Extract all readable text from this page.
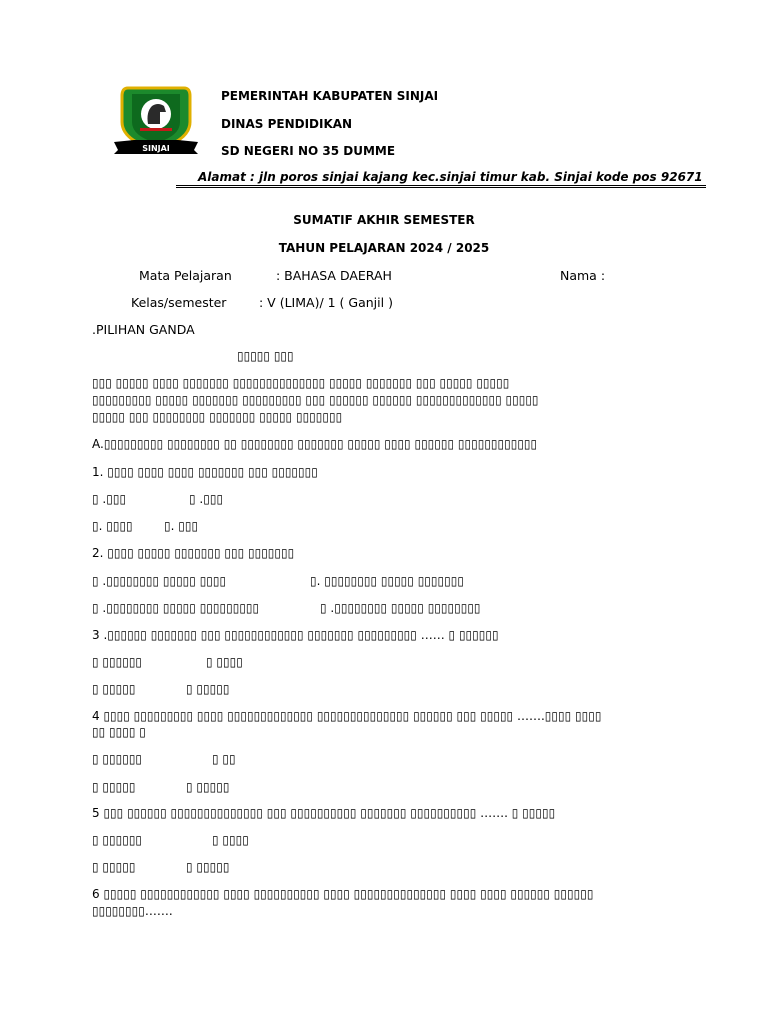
SINJAI
PEMERINTAH KABUPATEN SINJAI
DINAS PENDIDIKAN
SD NEGERI NO 35 DUMME
Alamat : jln poros sinjai kajang kec.sinjai timur kab. Sinjai kode pos 92671
SUMATIF AKHIR SEMESTER
TAHUN PELAJARAN 2024 / 2025
Mata Pelajaran	: BAHASA DAERAH	Nama :
Kelas/semester	: V (LIMA)/ 1 ( Ganjil )
.PILIHAN GANDA
▯▯▯▯▯ ▯▯▯
▯▯▯ ▯▯▯▯▯ ▯▯▯▯ ▯▯▯▯▯▯▯ ▯▯▯▯▯▯▯▯▯▯▯▯▯▯ ▯▯▯▯▯ ▯▯▯▯▯▯▯ ▯▯▯ ▯▯▯▯▯ ▯▯▯▯▯
▯▯▯▯▯▯▯▯▯ ▯▯▯▯▯ ▯▯▯▯▯▯▯ ▯▯▯▯▯▯▯▯▯ ▯▯▯ ▯▯▯▯▯▯ ▯▯▯▯▯▯ ▯▯▯▯▯▯▯▯▯▯▯▯▯ ▯▯▯▯▯
▯▯▯▯▯ ▯▯▯ ▯▯▯▯▯▯▯▯ ▯▯▯▯▯▯▯ ▯▯▯▯▯ ▯▯▯▯▯▯▯
A.▯▯▯▯▯▯▯▯▯ ▯▯▯▯▯▯▯▯ ▯▯ ▯▯▯▯▯▯▯▯ ▯▯▯▯▯▯▯ ▯▯▯▯▯ ▯▯▯▯ ▯▯▯▯▯▯ ▯▯▯▯▯▯▯▯▯▯▯▯
1. ▯▯▯▯ ▯▯▯▯ ▯▯▯▯ ▯▯▯▯▯▯▯ ▯▯▯ ▯▯▯▯▯▯▯
▯ .▯▯▯	▯ .▯▯▯
▯. ▯▯▯▯	▯. ▯▯▯
2. ▯▯▯▯ ▯▯▯▯▯ ▯▯▯▯▯▯▯ ▯▯▯ ▯▯▯▯▯▯▯
▯ .▯▯▯▯▯▯▯▯ ▯▯▯▯▯ ▯▯▯▯	▯. ▯▯▯▯▯▯▯▯ ▯▯▯▯▯ ▯▯▯▯▯▯▯
▯ .▯▯▯▯▯▯▯▯ ▯▯▯▯▯ ▯▯▯▯▯▯▯▯▯	▯ .▯▯▯▯▯▯▯▯ ▯▯▯▯▯ ▯▯▯▯▯▯▯▯
3 .▯▯▯▯▯▯ ▯▯▯▯▯▯▯ ▯▯▯ ▯▯▯▯▯▯▯▯▯▯▯▯ ▯▯▯▯▯▯▯ ▯▯▯▯▯▯▯▯▯ …… ▯ ▯▯▯▯▯▯
▯ ▯▯▯▯▯▯	▯ ▯▯▯▯
▯ ▯▯▯▯▯	▯ ▯▯▯▯▯
4 ▯▯▯▯ ▯▯▯▯▯▯▯▯▯ ▯▯▯▯ ▯▯▯▯▯▯▯▯▯▯▯▯▯ ▯▯▯▯▯▯▯▯▯▯▯▯▯▯ ▯▯▯▯▯▯ ▯▯▯ ▯▯▯▯▯ …….▯▯▯▯ ▯▯▯▯
▯▯ ▯▯▯▯ ▯
▯ ▯▯▯▯▯▯	▯ ▯▯
▯ ▯▯▯▯▯	▯ ▯▯▯▯▯
5 ▯▯▯ ▯▯▯▯▯▯ ▯▯▯▯▯▯▯▯▯▯▯▯▯▯ ▯▯▯ ▯▯▯▯▯▯▯▯▯▯ ▯▯▯▯▯▯▯ ▯▯▯▯▯▯▯▯▯▯ ……. ▯ ▯▯▯▯▯
▯ ▯▯▯▯▯▯	▯ ▯▯▯▯
▯ ▯▯▯▯▯	▯ ▯▯▯▯▯
6 ▯▯▯▯▯ ▯▯▯▯▯▯▯▯▯▯▯▯ ▯▯▯▯ ▯▯▯▯▯▯▯▯▯▯ ▯▯▯▯ ▯▯▯▯▯▯▯▯▯▯▯▯▯▯ ▯▯▯▯ ▯▯▯▯ ▯▯▯▯▯▯ ▯▯▯▯▯▯
▯▯▯▯▯▯▯▯…….
